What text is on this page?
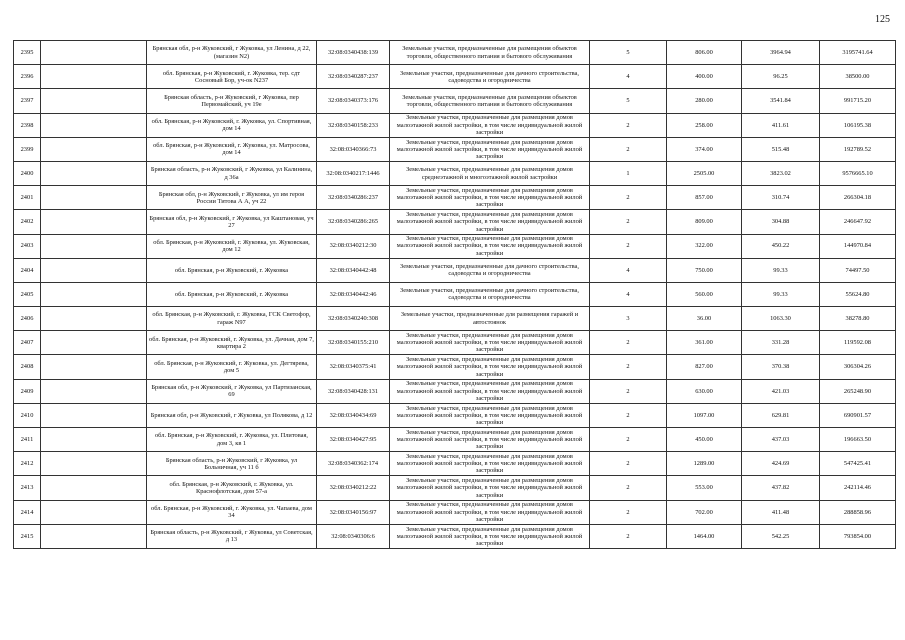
125
2395		Брянская обл, р-н Жуковский, г Жуковка, ул Ленина, д 22, (магазин N2)	32:08:0340438:139	Земельные участки, предназначенные для размещения объектов торговли, общественного питания и бытового обслуживания	5	806.00	3964.94	3195741.64
2396		обл. Брянская, р-н Жуковский, г. Жуковка, тер. сдт Сосновый Бор, уч-ок N237	32:08:0340287:237	Земельные участки, предназначенные для дачного строительства, садоводства и огородничества	4	400.00	96.25	38500.00
2397		Брянская область, р-н Жуковский, г Жуковка, пер Первомайский, уч 19е	32:08:0340373:176	Земельные участки, предназначенные для размещения объектов торговли, общественного питания и бытового обслуживания	5	280.00	3541.84	991715.20
2398		обл. Брянская, р-н Жуковский, г. Жуковка, ул. Спортивная, дом 14	32:08:0340158:233	Земельные участки, предназначенные для размещения домов малоэтажной жилой застройки, в том числе индивидуальной жилой застройки	2	258.00	411.61	106195.38
2399		обл. Брянская, р-н Жуковский, г. Жуковка, ул. Матросова, дом 14	32:08:0340366:73	Земельные участки, предназначенные для размещения домов малоэтажной жилой застройки, в том числе индивидуальной жилой застройки	2	374.00	515.48	192789.52
2400		Брянская область, р-н Жуковский, г Жуковка, ул Калинина, д 36а	32:08:0340217:1446	Земельные участки, предназначенные для размещения домов среднеэтажной и многоэтажной жилой застройки	1	2505.00	3823.02	9576665.10
2401		Брянская обл, р-н Жуковский, г Жуковка, ул им героя России Титова А А, уч 22	32:08:0340286:237	Земельные участки, предназначенные для размещения домов малоэтажной жилой застройки, в том числе индивидуальной жилой застройки	2	857.00	310.74	266304.18
2402		Брянская обл, р-н Жуковский, г Жуковка, ул Каштановая, уч 27	32:08:0340286:265	Земельные участки, предназначенные для размещения домов малоэтажной жилой застройки, в том числе индивидуальной жилой застройки	2	809.00	304.88	246647.92
2403		обл. Брянская, р-н Жуковский, г. Жуковка, ул. Жуковская, дом 12	32:08:0340212:30	Земельные участки, предназначенные для размещения домов малоэтажной жилой застройки, в том числе индивидуальной жилой застройки	2	322.00	450.22	144970.84
2404		обл. Брянская, р-н Жуковский, г. Жуковка	32:08:0340442:48	Земельные участки, предназначенные для дачного строительства, садоводства и огородничества	4	750.00	99.33	74497.50
2405		обл. Брянская, р-н Жуковский, г. Жуковка	32:08:0340442:46	Земельные участки, предназначенные для дачного строительства, садоводства и огородничества	4	560.00	99.33	55624.80
2406		обл. Брянская, р-н Жуковский, г. Жуковка, ГСК Светофор, гараж N97	32:08:0340240:308	Земельные участки, предназначенные для размещения гаражей и автостоянок	3	36.00	1063.30	38278.80
2407		обл. Брянская, р-н Жуковский, г. Жуковка, ул. Дачная, дом 7, квартира 2	32:08:0340155:210	Земельные участки, предназначенные для размещения домов малоэтажной жилой застройки, в том числе индивидуальной жилой застройки	2	361.00	331.28	119592.08
2408		обл. Брянская, р-н Жуковский, г. Жуковка, ул. Дегтярева, дом 5	32:08:0340375:41	Земельные участки, предназначенные для размещения домов малоэтажной жилой застройки, в том числе индивидуальной жилой застройки	2	827.00	370.38	306304.26
2409		Брянская обл, р-н Жуковский, г Жуковка, ул Партизанская, 69	32:08:0340428:131	Земельные участки, предназначенные для размещения домов малоэтажной жилой застройки, в том числе индивидуальной жилой застройки	2	630.00	421.03	265248.90
2410		Брянская обл, р-н Жуковский, г Жуковка, ул Полякова, д 12	32:08:0340434:69	Земельные участки, предназначенные для размещения домов малоэтажной жилой застройки, в том числе индивидуальной жилой застройки	2	1097.00	629.81	690901.57
2411		обл. Брянская, р-н Жуковский, г. Жуковка, ул. Плитовая, дом 3, кв 1	32:08:0340427:95	Земельные участки, предназначенные для размещения домов малоэтажной жилой застройки, в том числе индивидуальной жилой застройки	2	450.00	437.03	196663.50
2412		Брянская область, р-н Жуковский, г Жуковка, ул Больничная, уч 11 б	32:08:0340362:174	Земельные участки, предназначенные для размещения домов малоэтажной жилой застройки, в том числе индивидуальной жилой застройки	2	1289.00	424.69	547425.41
2413		обл. Брянская, р-н Жуковский, г. Жуковка, ул. Краснофлотская, дом 57-а	32:08:0340212:22	Земельные участки, предназначенные для размещения домов малоэтажной жилой застройки, в том числе индивидуальной жилой застройки	2	553.00	437.82	242114.46
2414		обл. Брянская, р-н Жуковский, г. Жуковка, ул. Чапаева, дом 34	32:08:0340156:97	Земельные участки, предназначенные для размещения домов малоэтажной жилой застройки, в том числе индивидуальной жилой застройки	2	702.00	411.48	288858.96
2415		Брянская область, р-н Жуковский, г Жуковка, ул Советская, д 13	32:08:0340306:6	Земельные участки, предназначенные для размещения домов малоэтажной жилой застройки, в том числе индивидуальной жилой застройки	2	1464.00	542.25	793854.00
